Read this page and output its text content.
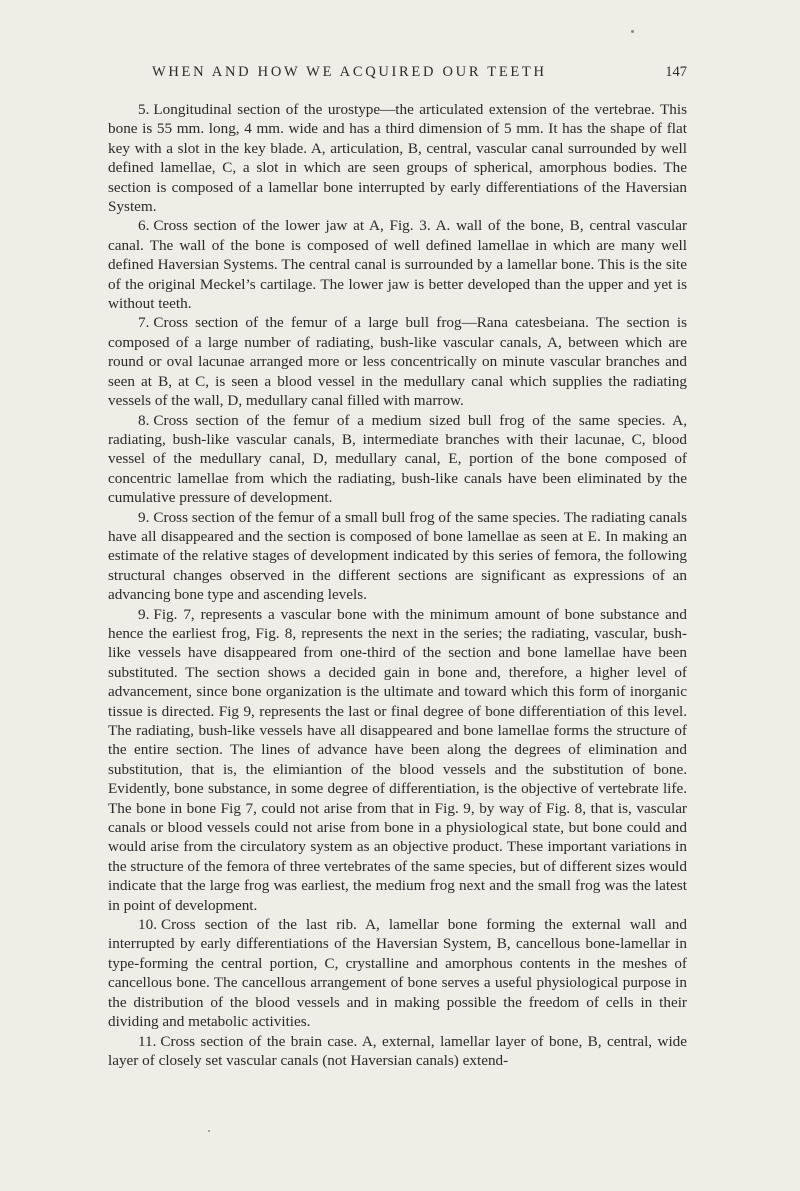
WHEN AND HOW WE ACQUIRED OUR TEETH	147

5. Longitudinal section of the urostype—the articulated extension of the vertebrae. This bone is 55 mm. long, 4 mm. wide and has a third dimension of 5 mm. It has the shape of flat key with a slot in the key blade. A, articulation, B, central, vascular canal surrounded by well defined lamellae, C, a slot in which are seen groups of spherical, amorphous bodies. The section is composed of a lamellar bone interrupted by early differentiations of the Haversian System.

6. Cross section of the lower jaw at A, Fig. 3. A. wall of the bone, B, central vascular canal. The wall of the bone is composed of well defined lamellae in which are many well defined Haversian Systems. The central canal is surrounded by a lamellar bone. This is the site of the original Meckel’s cartilage. The lower jaw is better developed than the upper and yet is without teeth.

7. Cross section of the femur of a large bull frog—Rana catesbeiana. The section is composed of a large number of radiating, bush-like vascular canals, A, between which are round or oval lacunae arranged more or less concentrically on minute vascular branches and seen at B, at C, is seen a blood vessel in the medullary canal which supplies the radiating vessels of the wall, D, medullary canal filled with marrow.

8. Cross section of the femur of a medium sized bull frog of the same species. A, radiating, bush-like vascular canals, B, intermediate branches with their lacunae, C, blood vessel of the medullary canal, D, medullary canal, E, portion of the bone composed of concentric lamellae from which the radiating, bush-like canals have been eliminated by the cumulative pressure of development.

9. Cross section of the femur of a small bull frog of the same species. The radiating canals have all disappeared and the section is composed of bone lamellae as seen at E. In making an estimate of the relative stages of development indicated by this series of femora, the following structural changes observed in the different sections are significant as expressions of an advancing bone type and ascending levels.

9. Fig. 7, represents a vascular bone with the minimum amount of bone substance and hence the earliest frog, Fig. 8, represents the next in the series; the radiating, vascular, bush-like vessels have disappeared from one-third of the section and bone lamellae have been substituted. The section shows a decided gain in bone and, therefore, a higher level of advancement, since bone organization is the ultimate and toward which this form of inorganic tissue is directed. Fig 9, represents the last or final degree of bone differentiation of this level. The radiating, bush-like vessels have all disappeared and bone lamellae forms the structure of the entire section. The lines of advance have been along the degrees of elimination and substitution, that is, the elimiantion of the blood vessels and the substitution of bone. Evidently, bone substance, in some degree of differentiation, is the objective of vertebrate life. The bone in bone Fig 7, could not arise from that in Fig. 9, by way of Fig. 8, that is, vascular canals or blood vessels could not arise from bone in a physiological state, but bone could and would arise from the circulatory system as an objective product. These important variations in the structure of the femora of three vertebrates of the same species, but of different sizes would indicate that the large frog was earliest, the medium frog next and the small frog was the latest in point of development.

10. Cross section of the last rib. A, lamellar bone forming the external wall and interrupted by early differentiations of the Haversian System, B, cancellous bone-lamellar in type-forming the central portion, C, crystalline and amorphous contents in the meshes of cancellous bone. The cancellous arrangement of bone serves a useful physiological purpose in the distribution of the blood vessels and in making possible the freedom of cells in their dividing and metabolic activities.

11. Cross section of the brain case. A, external, lamellar layer of bone, B, central, wide layer of closely set vascular canals (not Haversian canals) extend-
